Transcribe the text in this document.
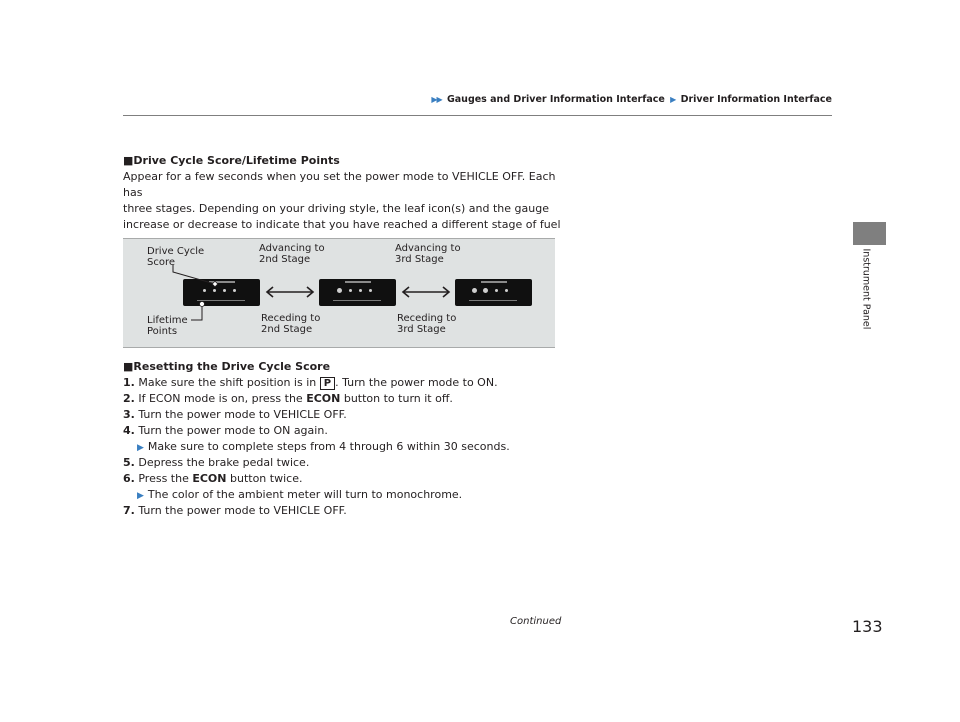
▶▶ Gauges and Driver Information Interface ▶ Driver Information Interface
Instrument Panel
■Drive Cycle Score/Lifetime Points
Appear for a few seconds when you set the power mode to VEHICLE OFF. Each has
three stages. Depending on your driving style, the leaf icon(s) and the gauge
increase or decrease to indicate that you have reached a different stage of fuel
Drive Cycle
Score
Advancing to
2nd Stage
Advancing to
3rd Stage
Lifetime
Points
Receding to
2nd Stage
Receding to
3rd Stage
■Resetting the Drive Cycle Score
1. Make sure the shift position is in P . Turn the power mode to ON.
2. If ECON mode is on, press the ECON button to turn it off.
3. Turn the power mode to VEHICLE OFF.
4. Turn the power mode to ON again.
▶ Make sure to complete steps from 4 through 6 within 30 seconds.
5. Depress the brake pedal twice.
6. Press the ECON button twice.
▶ The color of the ambient meter will turn to monochrome.
7. Turn the power mode to VEHICLE OFF.
Continued	133
